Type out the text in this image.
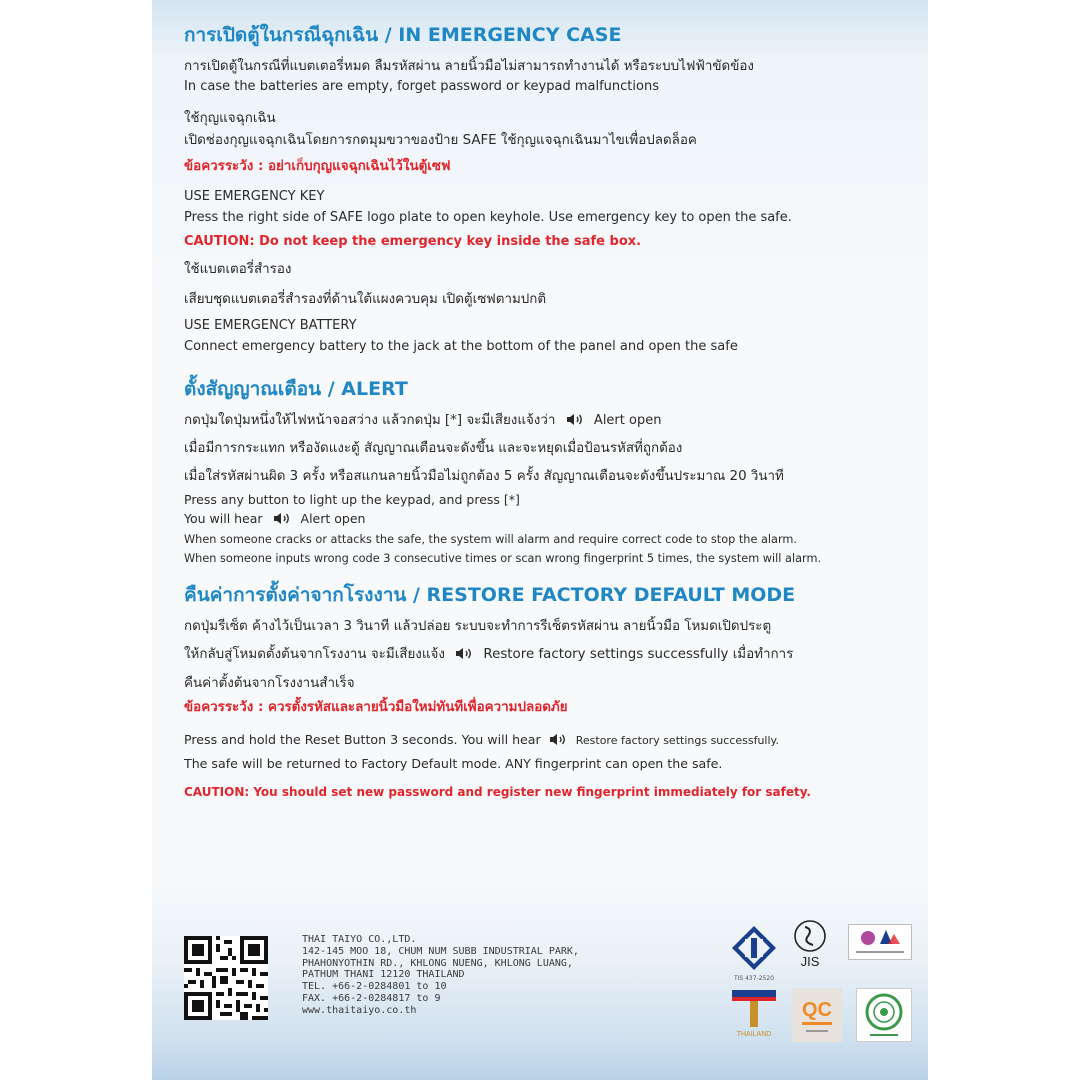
การเปิดตู้ในกรณีฉุกเฉิน / IN EMERGENCY CASE

การเปิดตู้ในกรณีที่แบตเตอรี่หมด ลืมรหัสผ่าน ลายนิ้วมือไม่สามารถทำงานได้ หรือระบบไฟฟ้าขัดข้อง

In case the batteries are empty, forget password or keypad malfunctions

ใช้กุญแจฉุกเฉิน

เปิดช่องกุญแจฉุกเฉินโดยการกดมุมขวาของป้าย SAFE ใช้กุญแจฉุกเฉินมาไขเพื่อปลดล็อค

ข้อควรระวัง : อย่าเก็บกุญแจฉุกเฉินไว้ในตู้เซฟ

USE EMERGENCY KEY

Press the right side of SAFE logo plate to open keyhole. Use emergency key to open the safe.

CAUTION: Do not keep the emergency key inside the safe box.

ใช้แบตเตอรี่สำรอง

เสียบชุดแบตเตอรี่สำรองที่ด้านใต้แผงควบคุม เปิดตู้เซฟตามปกติ

USE EMERGENCY BATTERY

Connect emergency battery to the jack at the bottom of the panel and open the safe

ตั้งสัญญาณเตือน / ALERT

กดปุ่มใดปุ่มหนึ่งให้ไฟหน้าจอสว่าง แล้วกดปุ่ม [*] จะมีเสียงแจ้งว่า	Alert open

เมื่อมีการกระแทก หรืองัดแงะตู้ สัญญาณเตือนจะดังขึ้น และจะหยุดเมื่อป้อนรหัสที่ถูกต้อง

เมื่อใส่รหัสผ่านผิด 3 ครั้ง หรือสแกนลายนิ้วมือไม่ถูกต้อง 5 ครั้ง สัญญาณเตือนจะดังขึ้นประมาณ 20 วินาที

Press any button to light up the keypad, and press [*]

You will hear	Alert open

When someone cracks or attacks the safe, the system will alarm and require correct code to stop the alarm.

When someone inputs wrong code 3 consecutive times or scan wrong fingerprint 5 times, the system will alarm.

คืนค่าการตั้งค่าจากโรงงาน / RESTORE FACTORY DEFAULT MODE

กดปุ่มรีเซ็ต ค้างไว้เป็นเวลา 3 วินาที แล้วปล่อย ระบบจะทำการรีเซ็ตรหัสผ่าน ลายนิ้วมือ โหมดเปิดประตู

ให้กลับสู่โหมดตั้งต้นจากโรงงาน จะมีเสียงแจ้ง	Restore factory settings successfully เมื่อทำการ

คืนค่าตั้งต้นจากโรงงานสำเร็จ

ข้อควรระวัง : ควรตั้งรหัสและลายนิ้วมือใหม่ทันทีเพื่อความปลอดภัย

Press and hold the Reset Button 3 seconds. You will hear	Restore factory settings successfully.

The safe will be returned to Factory Default mode. ANY fingerprint can open the safe.

CAUTION: You should set new password and register new fingerprint immediately for safety.

THAI TAIYO CO.,LTD.
142-145 MOO 18, CHUM NUM SUBB INDUSTRIAL PARK,
PHAHONYOTHIN RD., KHLONG NUENG, KHLONG LUANG,
PATHUM THANI 12120 THAILAND
TEL. +66-2-0284801 to 10
FAX. +66-2-0284817 to 9
www.thaitaiyo.co.th
TIS 437-2520
JIS
THAILAND
QC
